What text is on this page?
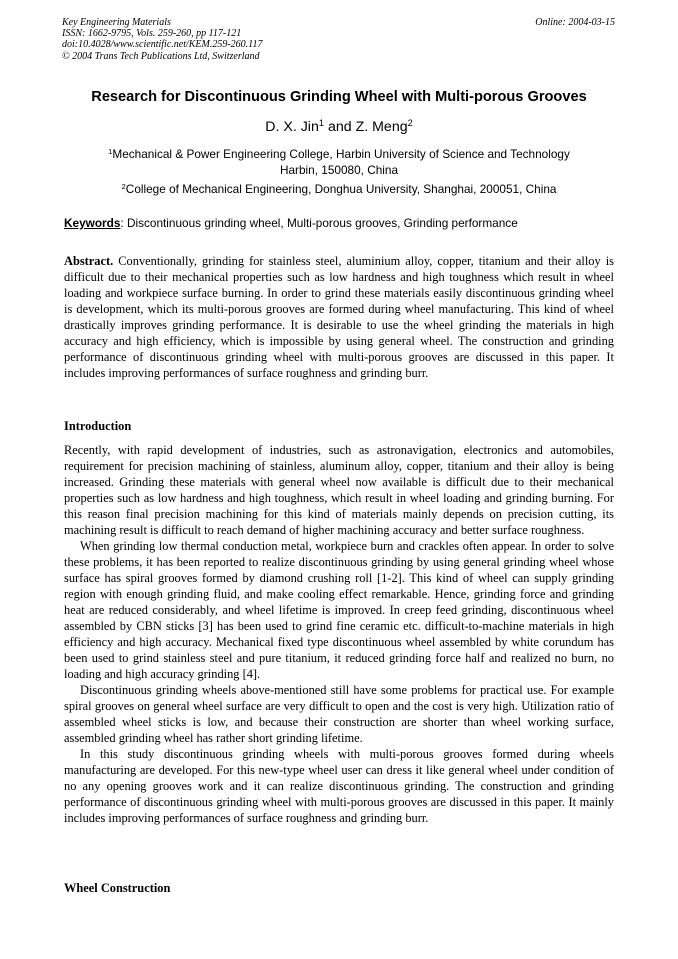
Key Engineering Materials
ISSN: 1662-9795, Vols. 259-260, pp 117-121
doi:10.4028/www.scientific.net/KEM.259-260.117
© 2004 Trans Tech Publications Ltd, Switzerland
Online: 2004-03-15
Research for Discontinuous Grinding Wheel with Multi-porous Grooves
D. X. Jin$^1$ and Z. Meng$^2$
$^1$Mechanical & Power Engineering College, Harbin University of Science and Technology
Harbin, 150080, China
$^2$College of Mechanical Engineering, Donghua University, Shanghai, 200051, China
Keywords: Discontinuous grinding wheel, Multi-porous grooves, Grinding performance
Abstract. Conventionally, grinding for stainless steel, aluminium alloy, copper, titanium and their alloy is difficult due to their mechanical properties such as low hardness and high toughness which result in wheel loading and workpiece surface burning. In order to grind these materials easily discontinuous grinding wheel is development, which its multi-porous grooves are formed during wheel manufacturing. This kind of wheel drastically improves grinding performance. It is desirable to use the wheel grinding the materials in high accuracy and high efficiency, which is impossible by using general wheel. The construction and grinding performance of discontinuous grinding wheel with multi-porous grooves are discussed in this paper. It includes improving performances of surface roughness and grinding burr.
Introduction

Recently, with rapid development of industries, such as astronavigation, electronics and automobiles, requirement for precision machining of stainless, aluminum alloy, copper, titanium and their alloy is being increased. Grinding these materials with general wheel now available is difficult due to their mechanical properties such as low hardness and high toughness, which result in wheel loading and grinding burning. For this reason final precision machining for this kind of materials mainly depends on precision cutting, its machining result is difficult to reach demand of higher machining accuracy and better surface roughness.

When grinding low thermal conduction metal, workpiece burn and crackles often appear. In order to solve these problems, it has been reported to realize discontinuous grinding by using general grinding wheel whose surface has spiral grooves formed by diamond crushing roll [1-2]. This kind of wheel can supply grinding region with enough grinding fluid, and make cooling effect remarkable. Hence, grinding force and grinding heat are reduced considerably, and wheel lifetime is improved. In creep feed grinding, discontinuous wheel assembled by CBN sticks [3] has been used to grind fine ceramic etc. difficult-to-machine materials in high efficiency and high accuracy. Mechanical fixed type discontinuous wheel assembled by white corundum has been used to grind stainless steel and pure titanium, it reduced grinding force half and realized no burn, no loading and high accuracy grinding [4].

Discontinuous grinding wheels above-mentioned still have some problems for practical use. For example spiral grooves on general wheel surface are very difficult to open and the cost is very high. Utilization ratio of assembled wheel sticks is low, and because their construction are shorter than wheel working surface, assembled grinding wheel has rather short grinding lifetime.

In this study discontinuous grinding wheels with multi-porous grooves formed during wheels manufacturing are developed. For this new-type wheel user can dress it like general wheel under condition of no any opening grooves work and it can realize discontinuous grinding. The construction and grinding performance of discontinuous grinding wheel with multi-porous grooves are discussed in this paper. It mainly includes improving performances of surface roughness and grinding burr.

Wheel Construction
